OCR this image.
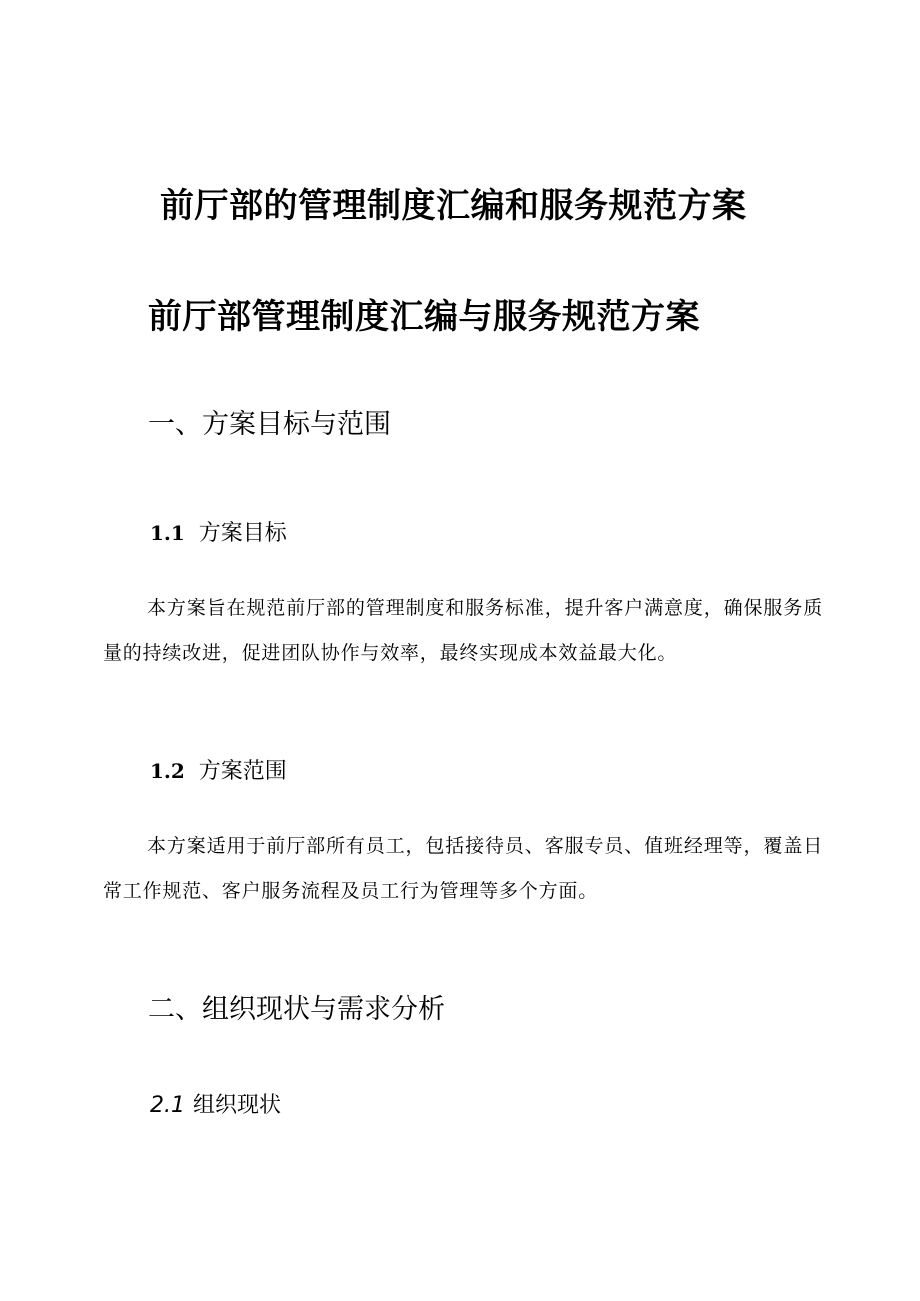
前厅部的管理制度汇编和服务规范方案
前厅部管理制度汇编与服务规范方案
一、方案目标与范围
1.1 方案目标
本方案旨在规范前厅部的管理制度和服务标准，提升客户满意度，确保服务质量的持续改进，促进团队协作与效率，最终实现成本效益最大化。
1.2 方案范围
本方案适用于前厅部所有员工，包括接待员、客服专员、值班经理等，覆盖日常工作规范、客户服务流程及员工行为管理等多个方面。
二、组织现状与需求分析
2.1 组织现状
